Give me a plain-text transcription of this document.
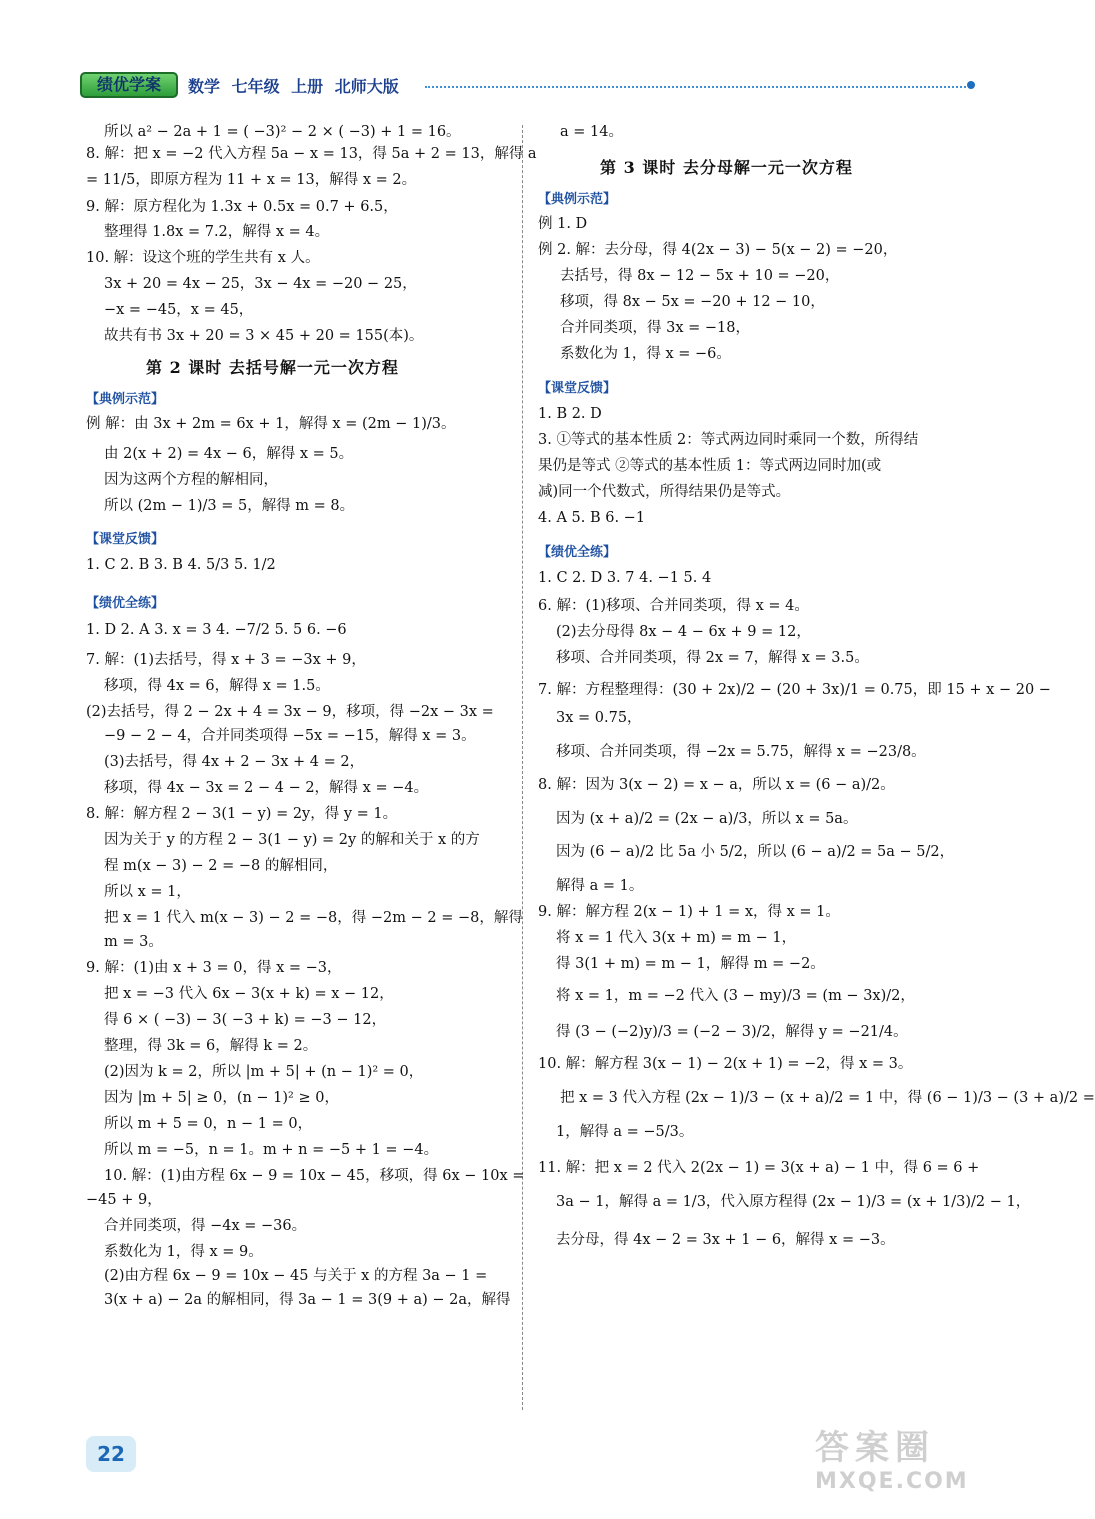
绩优学案	数学 七年级 上册 北师大版
所以 a² − 2a + 1 = ( −3)² − 2 × ( −3) + 1 = 16。
8. 解：把 x = −2 代入方程 5a − x = 13，得 5a + 2 = 13，解得 a
= 11/5，即原方程为 11 + x = 13，解得 x = 2。
9. 解：原方程化为 1.3x + 0.5x = 0.7 + 6.5，
整理得 1.8x = 7.2，解得 x = 4。
10. 解：设这个班的学生共有 x 人。
3x + 20 = 4x − 25，3x − 4x = −20 − 25，
−x = −45，x = 45，
故共有书 3x + 20 = 3 × 45 + 20 = 155(本)。
第 2 课时 去括号解一元一次方程
【典例示范】
例 解：由 3x + 2m = 6x + 1，解得 x = (2m − 1)/3。
由 2(x + 2) = 4x − 6，解得 x = 5。
因为这两个方程的解相同，
所以 (2m − 1)/3 = 5，解得 m = 8。
【课堂反馈】
1. C 2. B 3. B 4. 5/3 5. 1/2
【绩优全练】
1. D 2. A 3. x = 3 4. −7/2 5. 5 6. −6
7. 解：(1)去括号，得 x + 3 = −3x + 9，
移项，得 4x = 6，解得 x = 1.5。
(2)去括号，得 2 − 2x + 4 = 3x − 9，移项，得 −2x − 3x =
−9 − 2 − 4，合并同类项得 −5x = −15，解得 x = 3。
(3)去括号，得 4x + 2 − 3x + 4 = 2，
移项，得 4x − 3x = 2 − 4 − 2，解得 x = −4。
8. 解：解方程 2 − 3(1 − y) = 2y，得 y = 1。
因为关于 y 的方程 2 − 3(1 − y) = 2y 的解和关于 x 的方
程 m(x − 3) − 2 = −8 的解相同，
所以 x = 1，
把 x = 1 代入 m(x − 3) − 2 = −8，得 −2m − 2 = −8，解得
m = 3。
9. 解：(1)由 x + 3 = 0，得 x = −3，
把 x = −3 代入 6x − 3(x + k) = x − 12，
得 6 × ( −3) − 3( −3 + k) = −3 − 12，
整理，得 3k = 6，解得 k = 2。
(2)因为 k = 2，所以 |m + 5| + (n − 1)² = 0，
因为 |m + 5| ≥ 0，(n − 1)² ≥ 0，
所以 m + 5 = 0，n − 1 = 0，
所以 m = −5，n = 1。m + n = −5 + 1 = −4。
10. 解：(1)由方程 6x − 9 = 10x − 45，移项，得 6x − 10x =
−45 + 9，
合并同类项，得 −4x = −36。
系数化为 1，得 x = 9。
(2)由方程 6x − 9 = 10x − 45 与关于 x 的方程 3a − 1 =
3(x + a) − 2a 的解相同，得 3a − 1 = 3(9 + a) − 2a，解得
a = 14。
第 3 课时 去分母解一元一次方程
【典例示范】
例 1. D
例 2. 解：去分母，得 4(2x − 3) − 5(x − 2) = −20，
去括号，得 8x − 12 − 5x + 10 = −20，
移项，得 8x − 5x = −20 + 12 − 10，
合并同类项，得 3x = −18，
系数化为 1，得 x = −6。
【课堂反馈】
1. B 2. D
3. ①等式的基本性质 2：等式两边同时乘同一个数，所得结
果仍是等式 ②等式的基本性质 1：等式两边同时加(或
减)同一个代数式，所得结果仍是等式。
4. A 5. B 6. −1
【绩优全练】
1. C 2. D 3. 7 4. −1 5. 4
6. 解：(1)移项、合并同类项，得 x = 4。
(2)去分母得 8x − 4 − 6x + 9 = 12，
移项、合并同类项，得 2x = 7，解得 x = 3.5。
7. 解：方程整理得：(30 + 2x)/2 − (20 + 3x)/1 = 0.75，即 15 + x − 20 −
3x = 0.75，
移项、合并同类项，得 −2x = 5.75，解得 x = −23/8。
8. 解：因为 3(x − 2) = x − a，所以 x = (6 − a)/2。
因为 (x + a)/2 = (2x − a)/3，所以 x = 5a。
因为 (6 − a)/2 比 5a 小 5/2，所以 (6 − a)/2 = 5a − 5/2，
解得 a = 1。
9. 解：解方程 2(x − 1) + 1 = x，得 x = 1。
将 x = 1 代入 3(x + m) = m − 1，
得 3(1 + m) = m − 1，解得 m = −2。
将 x = 1，m = −2 代入 (3 − my)/3 = (m − 3x)/2，
得 (3 − (−2)y)/3 = (−2 − 3)/2，解得 y = −21/4。
10. 解：解方程 3(x − 1) − 2(x + 1) = −2，得 x = 3。
把 x = 3 代入方程 (2x − 1)/3 − (x + a)/2 = 1 中，得 (6 − 1)/3 − (3 + a)/2 =
1，解得 a = −5/3。
11. 解：把 x = 2 代入 2(2x − 1) = 3(x + a) − 1 中，得 6 = 6 +
3a − 1，解得 a = 1/3，代入原方程得 (2x − 1)/3 = (x + 1/3)/2 − 1，
去分母，得 4x − 2 = 3x + 1 − 6，解得 x = −3。
22	答案圈
MXQE.COM
